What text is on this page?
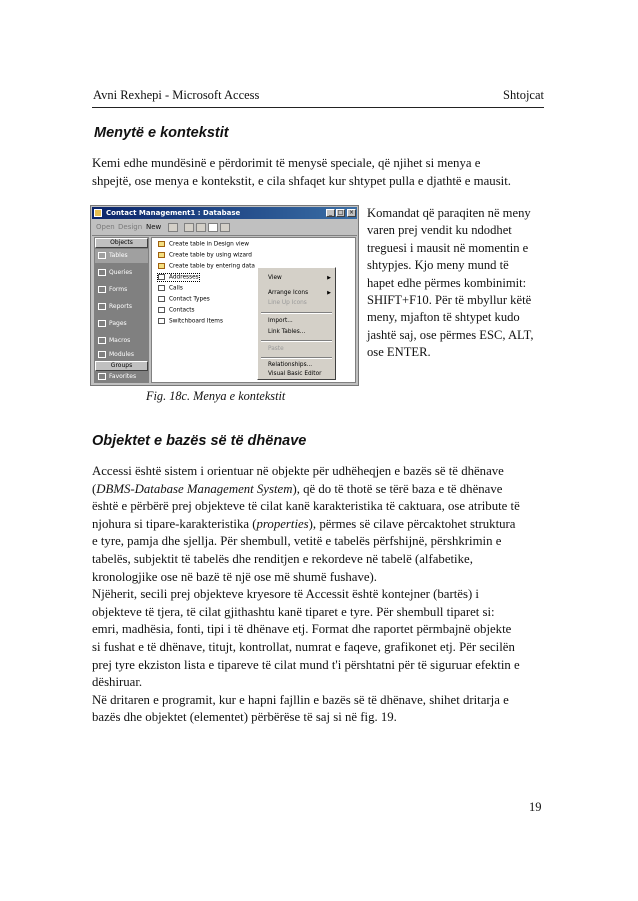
Avni Rexhepi - Microsoft Access	Shtojcat
Menytë e kontekstit

Kemi edhe mundësinë e përdorimit të menysë speciale, që njihet si menya e

shpejtë, ose menya e kontekstit, e cila shfaqet kur shtypet pulla e djathtë e mausit.

Contact Management1 : Database	_ □ ×
Open Design New
Objects
Tables
Queries
Forms
Reports
Pages
Macros
Modules
Groups
Favorites
Create table in Design view
Create table by using wizard
Create table by entering data
Addresses
Calls
Contact Types
Contacts
Switchboard Items
View	▶
Arrange Icons	▶
Line Up Icons
Import...
Link Tables...
Paste
Relationships...
Visual Basic Editor
Komandat që paraqiten në meny
varen prej vendit ku ndodhet
treguesi i mausit në momentin e
shtypjes. Kjo meny mund të
hapet edhe përmes kombinimit:
SHIFT+F10. Për të mbyllur këtë
meny, mjafton të shtypet kudo
jashtë saj, ose përmes ESC, ALT,
ose ENTER.
Fig. 18c. Menya e kontekstit
Objektet e bazës së të dhënave

Accessi është sistem i orientuar në objekte për udhëheqjen e bazës së të dhënave

(DBMS-Database Management System), që do të thotë se tërë baza e të dhënave

është e përbërë prej objekteve të cilat kanë karakteristika të caktuara, ose atribute të

njohura si tipare-karakteristika (properties), përmes së cilave përcaktohet struktura

e tyre, pamja dhe sjellja. Për shembull, vetitë e tabelës përfshijnë, përshkrimin e

tabelës, subjektit të tabelës dhe renditjen e rekordeve në tabelë (alfabetike,

kronologjike ose në bazë të një ose më shumë fushave).

Njëherit, secili prej objekteve kryesore të Accessit është kontejner (bartës) i

objekteve të tjera, të cilat gjithashtu kanë tiparet e tyre. Për shembull tiparet si:

emri, madhësia, fonti, tipi i të dhënave etj. Format dhe raportet përmbajnë objekte

si fushat e të dhënave, titujt, kontrollat, numrat e faqeve, grafikonet etj. Për secilën

prej tyre ekziston lista e tipareve të cilat mund t'i përshtatni për të siguruar efektin e

dëshiruar.

Në dritaren e programit, kur e hapni fajllin e bazës së të dhënave, shihet dritarja e

bazës dhe objektet (elementet) përbërëse të saj si në fig. 19.

19
